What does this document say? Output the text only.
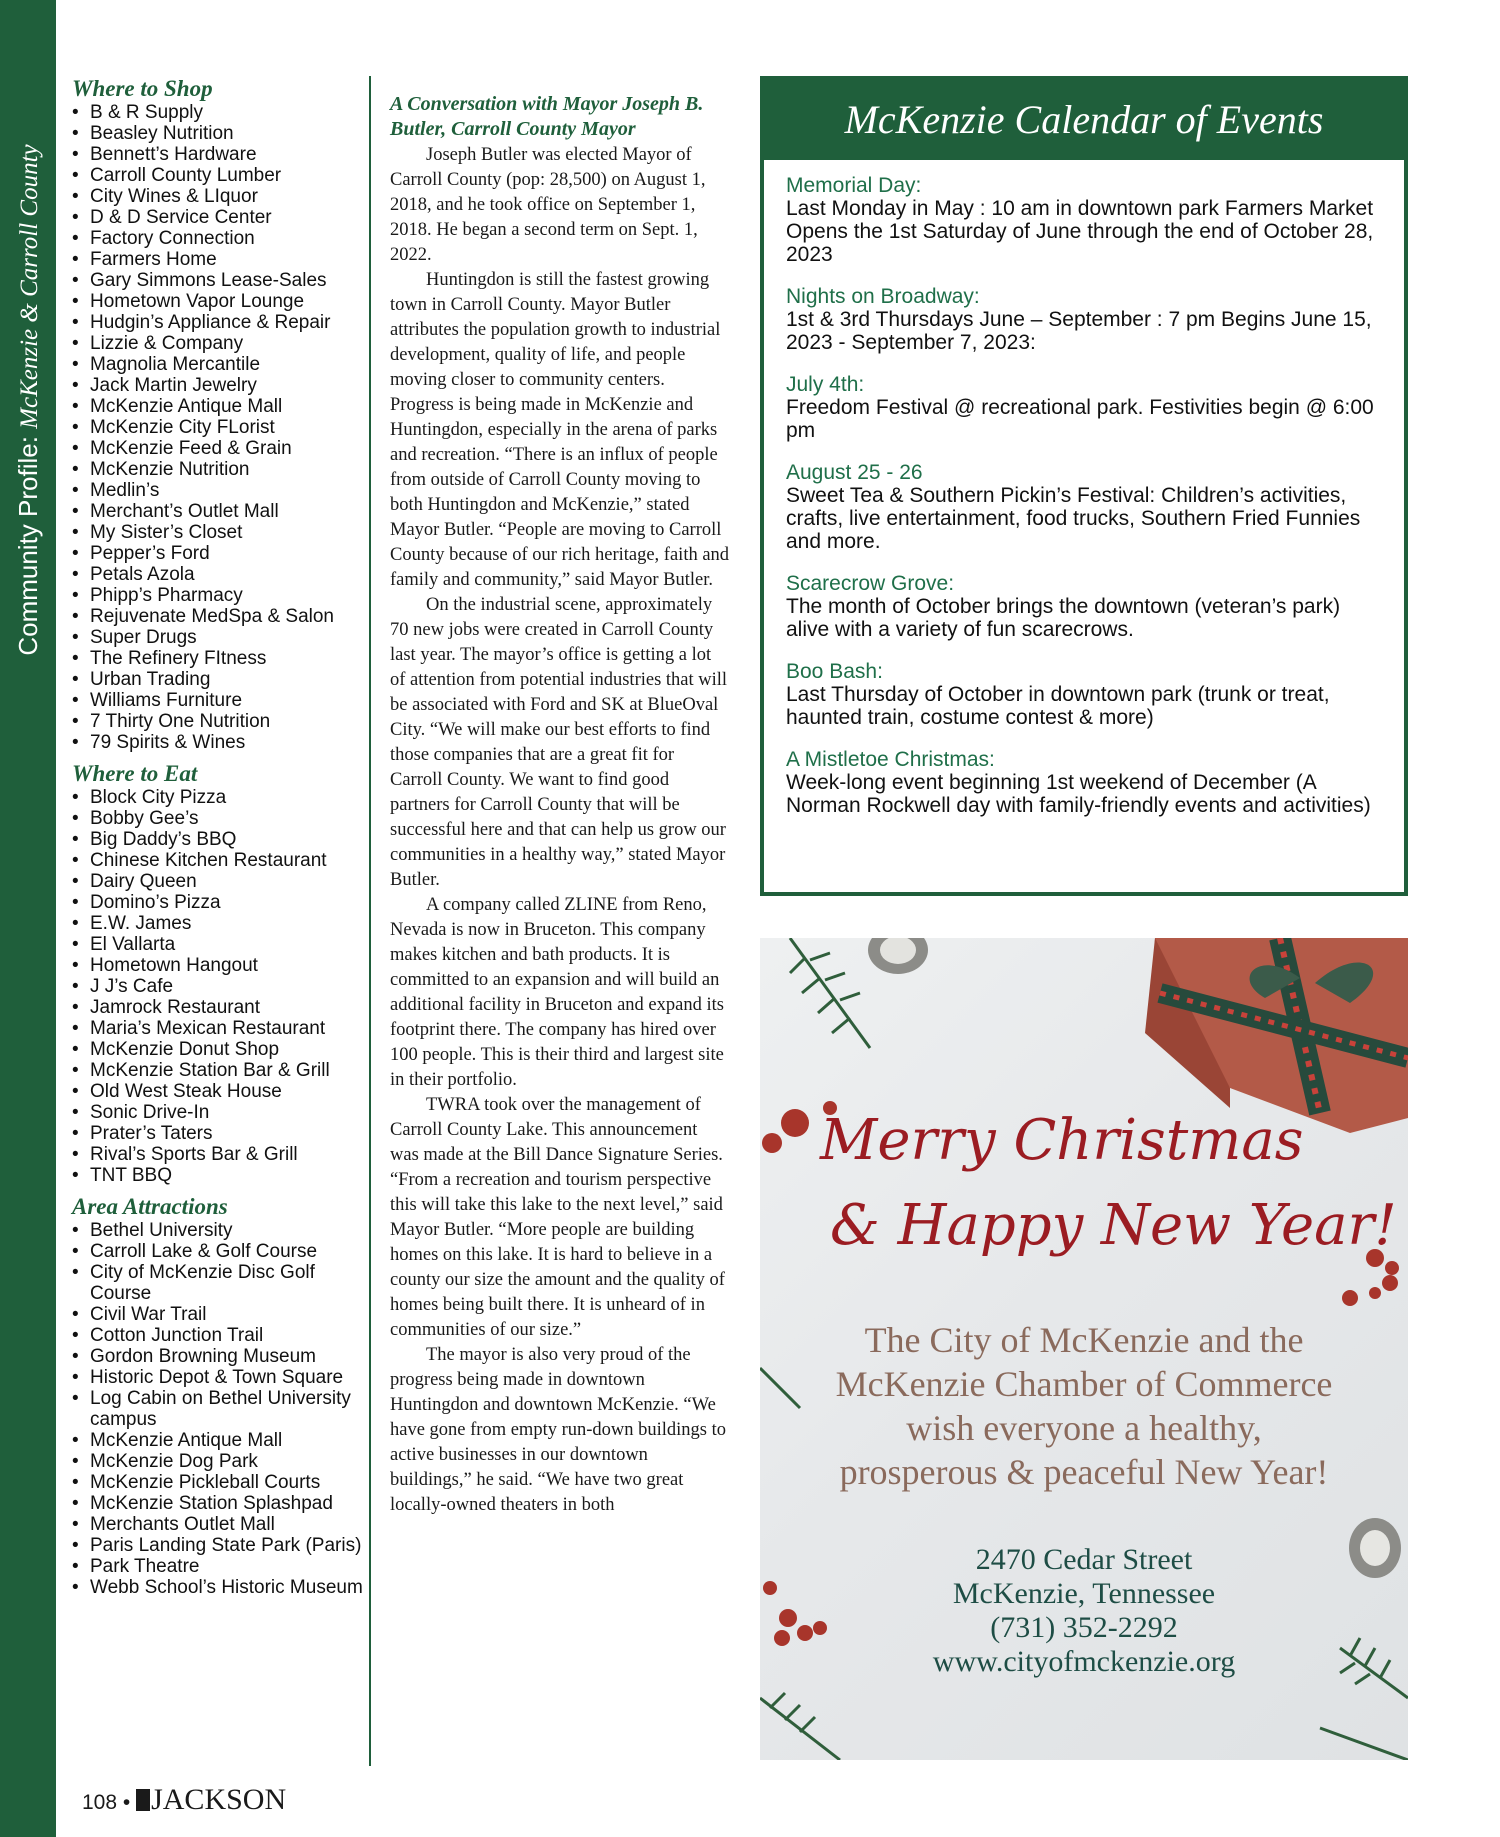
Community Profile: McKenzie & Carroll County
Where to Shop
• B & R Supply
• Beasley Nutrition
• Bennett’s Hardware
• Carroll County Lumber
• City Wines & LIquor
• D & D Service Center
• Factory Connection
• Farmers Home
• Gary Simmons Lease-Sales
• Hometown Vapor Lounge
• Hudgin’s Appliance & Repair
• Lizzie & Company
• Magnolia Mercantile
• Jack Martin Jewelry
• McKenzie Antique Mall
• McKenzie City FLorist
• McKenzie Feed & Grain
• McKenzie Nutrition
• Medlin’s
• Merchant’s Outlet Mall
• My Sister’s Closet
• Pepper’s Ford
• Petals Azola
• Phipp’s Pharmacy
• Rejuvenate MedSpa & Salon
• Super Drugs
• The Refinery FItness
• Urban Trading
• Williams Furniture
• 7 Thirty One Nutrition
• 79 Spirits & Wines
Where to Eat
• Block City Pizza
• Bobby Gee’s
• Big Daddy’s BBQ
• Chinese Kitchen Restaurant
• Dairy Queen
• Domino’s Pizza
• E.W. James
• El Vallarta
• Hometown Hangout
• J J’s Cafe
• Jamrock Restaurant
• Maria’s Mexican Restaurant
• McKenzie Donut Shop
• McKenzie Station Bar & Grill
• Old West Steak House
• Sonic Drive-In
• Prater’s Taters
• Rival’s Sports Bar & Grill
• TNT BBQ
Area Attractions
• Bethel University
• Carroll Lake & Golf Course
• City of McKenzie Disc Golf Course
• Civil War Trail
• Cotton Junction Trail
• Gordon Browning Museum
• Historic Depot & Town Square
• Log Cabin on Bethel University campus
• McKenzie Antique Mall
• McKenzie Dog Park
• McKenzie Pickleball Courts
• McKenzie Station Splashpad
• Merchants Outlet Mall
• Paris Landing State Park (Paris)
• Park Theatre
• Webb School’s Historic Museum
A Conversation with Mayor Joseph B. Butler, Carroll County Mayor

Joseph Butler was elected Mayor of Carroll County (pop: 28,500) on August 1, 2018, and he took office on September 1, 2018. He began a second term on Sept. 1, 2022.

Huntingdon is still the fastest growing town in Carroll County. Mayor Butler attributes the population growth to industrial development, quality of life, and people moving closer to community centers. Progress is being made in McKenzie and Huntingdon, especially in the arena of parks and recreation. “There is an influx of people from outside of Carroll County moving to both Huntingdon and McKenzie,” stated Mayor Butler. “People are moving to Carroll County because of our rich heritage, faith and family and community,” said Mayor Butler.

On the industrial scene, approximately 70 new jobs were created in Carroll County last year. The mayor’s office is getting a lot of attention from potential industries that will be associated with Ford and SK at BlueOval City. “We will make our best efforts to find those companies that are a great fit for Carroll County. We want to find good partners for Carroll County that will be successful here and that can help us grow our communities in a healthy way,” stated Mayor Butler.

A company called ZLINE from Reno, Nevada is now in Bruceton. This company makes kitchen and bath products. It is committed to an expansion and will build an additional facility in Bruceton and expand its footprint there. The company has hired over 100 people. This is their third and largest site in their portfolio.

TWRA took over the management of Carroll County Lake. This announcement was made at the Bill Dance Signature Series. “From a recreation and tourism perspective this will take this lake to the next level,” said Mayor Butler. “More people are building homes on this lake. It is hard to believe in a county our size the amount and the quality of homes being built there. It is unheard of in communities of our size.”

The mayor is also very proud of the progress being made in downtown Huntingdon and downtown McKenzie. “We have gone from empty run-down buildings to active businesses in our downtown buildings,” he said. “We have two great locally-owned theaters in both

McKenzie Calendar of Events
Memorial Day:
Last Monday in May : 10 am in downtown park Farmers Market Opens the 1st Saturday of June through the end of October 28, 2023
Nights on Broadway:
1st & 3rd Thursdays June – September : 7 pm Begins June 15, 2023 - September 7, 2023:
July 4th:
Freedom Festival @ recreational park. Festivities begin @ 6:00 pm
August 25 - 26
Sweet Tea & Southern Pickin’s Festival: Children’s activities, crafts, live entertainment, food trucks, Southern Fried Funnies and more.
Scarecrow Grove:
The month of October brings the downtown (veteran’s park) alive with a variety of fun scarecrows.
Boo Bash:
Last Thursday of October in downtown park (trunk or treat, haunted train, costume contest & more)
A Mistletoe Christmas:
Week-long event beginning 1st weekend of December (A Norman Rockwell day with family-friendly events and activities)
Merry Christmas
& Happy New Year!
The City of McKenzie and the
McKenzie Chamber of Commerce
wish everyone a healthy,
prosperous & peaceful New Year!
2470 Cedar Street
McKenzie, Tennessee
(731) 352-2292
www.cityofmckenzie.org
108 • JACKSON
